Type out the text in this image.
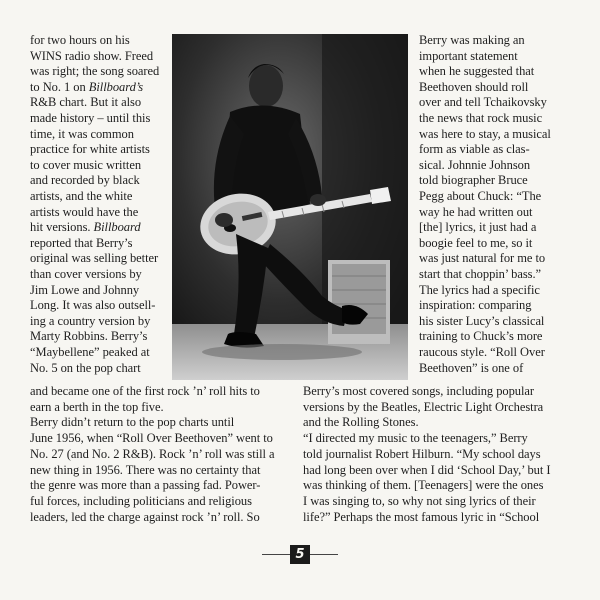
for two hours on his

WINS radio show. Freed

was right; the song soared

to No. 1 on Billboard’s

R&B chart. But it also

made history – until this

time, it was common

practice for white artists

to cover music written

and recorded by black

artists, and the white

artists would have the

hit versions. Billboard

reported that Berry’s

original was selling better

than cover versions by

Jim Lowe and Johnny

Long. It was also outsell-

ing a country version by

Marty Robbins. Berry’s

“Maybellene” peaked at

No. 5 on the pop chart

and became one of the first rock ’n’ roll hits to

earn a berth in the top five.

Berry didn’t return to the pop charts until

June 1956, when “Roll Over Beethoven” went to

No. 27 (and No. 2 R&B). Rock ’n’ roll was still a

new thing in 1956. There was no certainty that

the genre was more than a passing fad. Power-

ful forces, including politicians and religious

leaders, led the charge against rock ’n’ roll. So

Berry was making an

important statement

when he suggested that

Beethoven should roll

over and tell Tchaikovsky

the news that rock music

was here to stay, a musical

form as viable as clas-

sical. Johnnie Johnson

told biographer Bruce

Pegg about Chuck: “The

way he had written out

[the] lyrics, it just had a

boogie feel to me, so it

was just natural for me to

start that choppin’ bass.”

The lyrics had a specific

inspiration: comparing

his sister Lucy’s classical

training to Chuck’s more

raucous style. “Roll Over

Beethoven” is one of

Berry’s most covered songs, including popular

versions by the Beatles, Electric Light Orchestra

and the Rolling Stones.

“I directed my music to the teenagers,” Berry

told journalist Robert Hilburn. “My school days

had long been over when I did ‘School Day,’ but I

was thinking of them. [Teenagers] were the ones

I was singing to, so why not sing lyrics of their

life?” Perhaps the most famous lyric in “School

5
